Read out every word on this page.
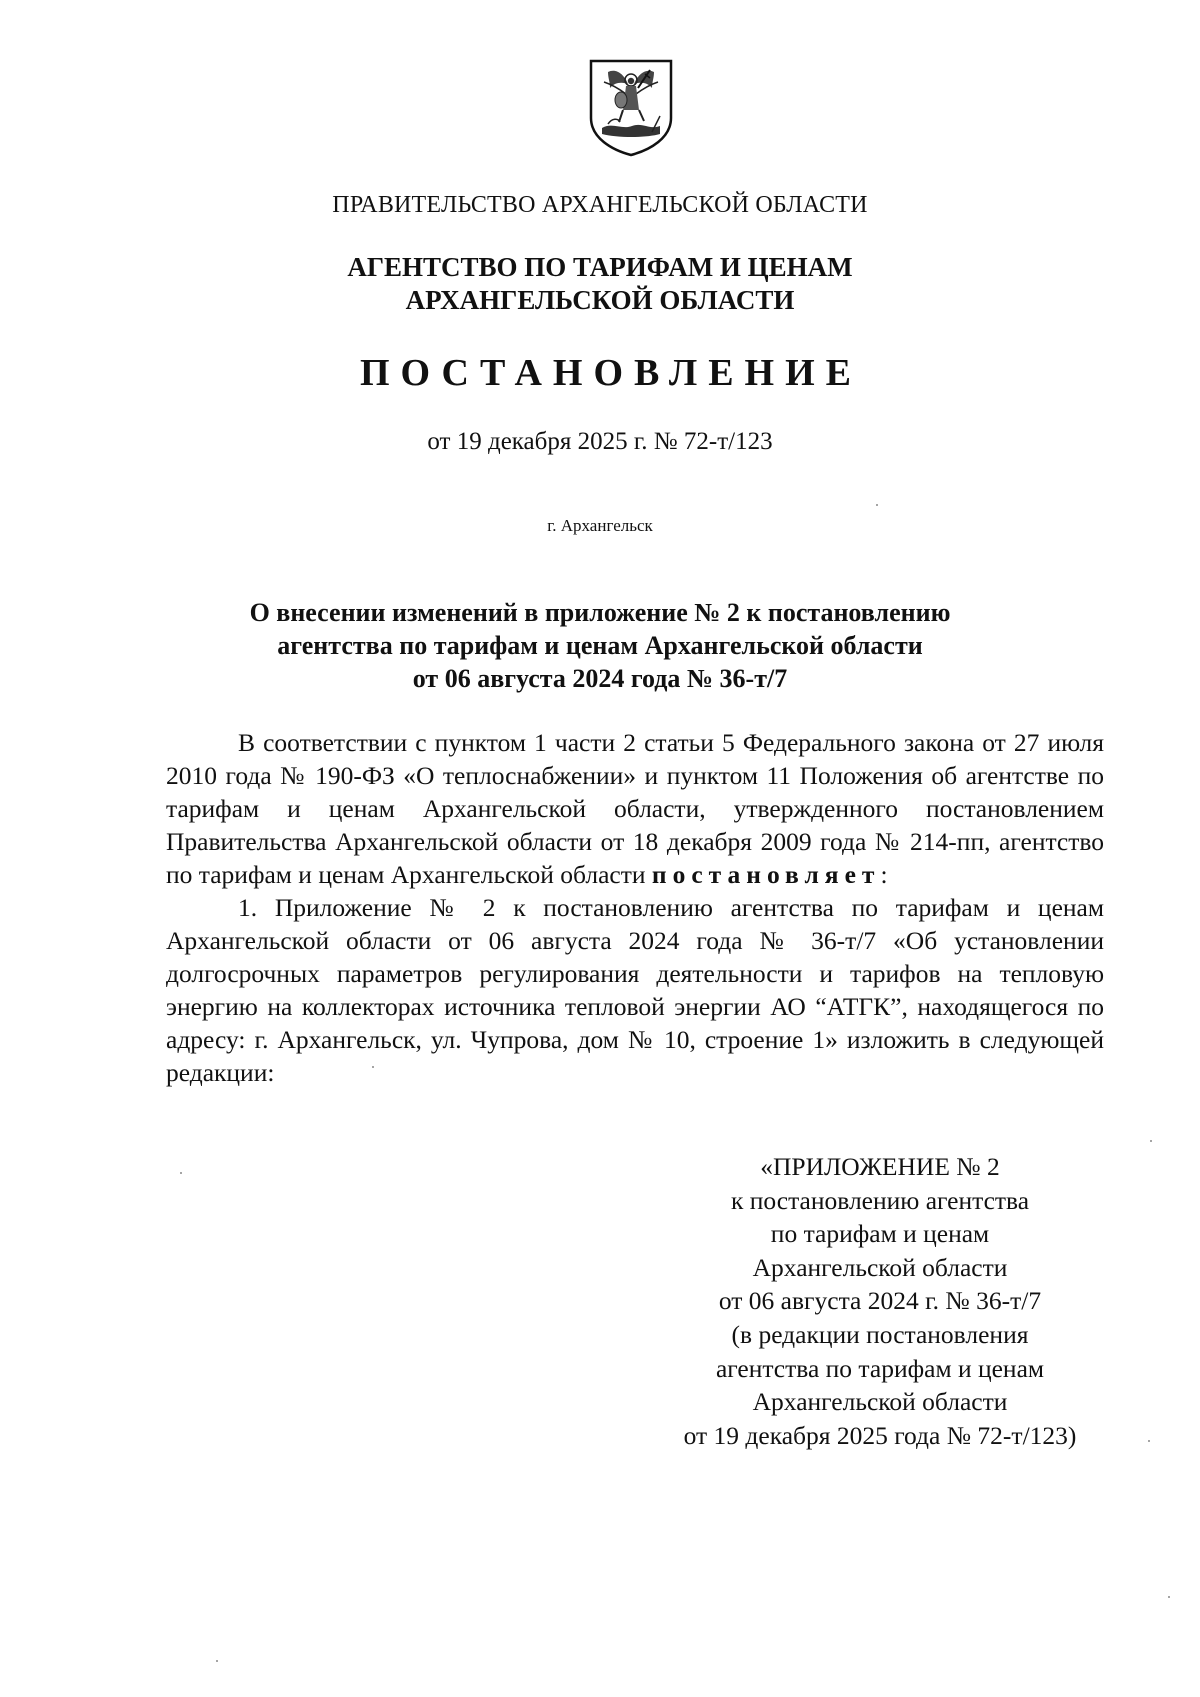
ПРАВИТЕЛЬСТВО АРХАНГЕЛЬСКОЙ ОБЛАСТИ
АГЕНТСТВО ПО ТАРИФАМ И ЦЕНАМ
АРХАНГЕЛЬСКОЙ ОБЛАСТИ
ПОСТАНОВЛЕНИЕ
от 19 декабря 2025 г. № 72-т/123
г. Архангельск
О внесении изменений в приложение № 2 к постановлению
агентства по тарифам и ценам Архангельской области
от 06 августа 2024 года № 36-т/7
В соответствии с пунктом 1 части 2 статьи 5 Федерального закона от 27 июля 2010 года № 190-ФЗ «О теплоснабжении» и пунктом 11 Положения об агентстве по тарифам и ценам Архангельской области, утвержденного постановлением Правительства Архангельской области от 18 декабря 2009 года № 214-пп, агентство по тарифам и ценам Архангельской области постановляет:
1. Приложение № 2 к постановлению агентства по тарифам и ценам Архангельской области от 06 августа 2024 года № 36-т/7 «Об установлении долгосрочных параметров регулирования деятельности и тарифов на тепловую энергию на коллекторах источника тепловой энергии АО “АТГК”, находящегося по адресу: г. Архангельск, ул. Чупрова, дом № 10, строение 1» изложить в следующей редакции:
«ПРИЛОЖЕНИЕ № 2
к постановлению агентства
по тарифам и ценам
Архангельской области
от 06 августа 2024 г. № 36-т/7
(в редакции постановления
агентства по тарифам и ценам
Архангельской области
от 19 декабря 2025 года № 72-т/123)
